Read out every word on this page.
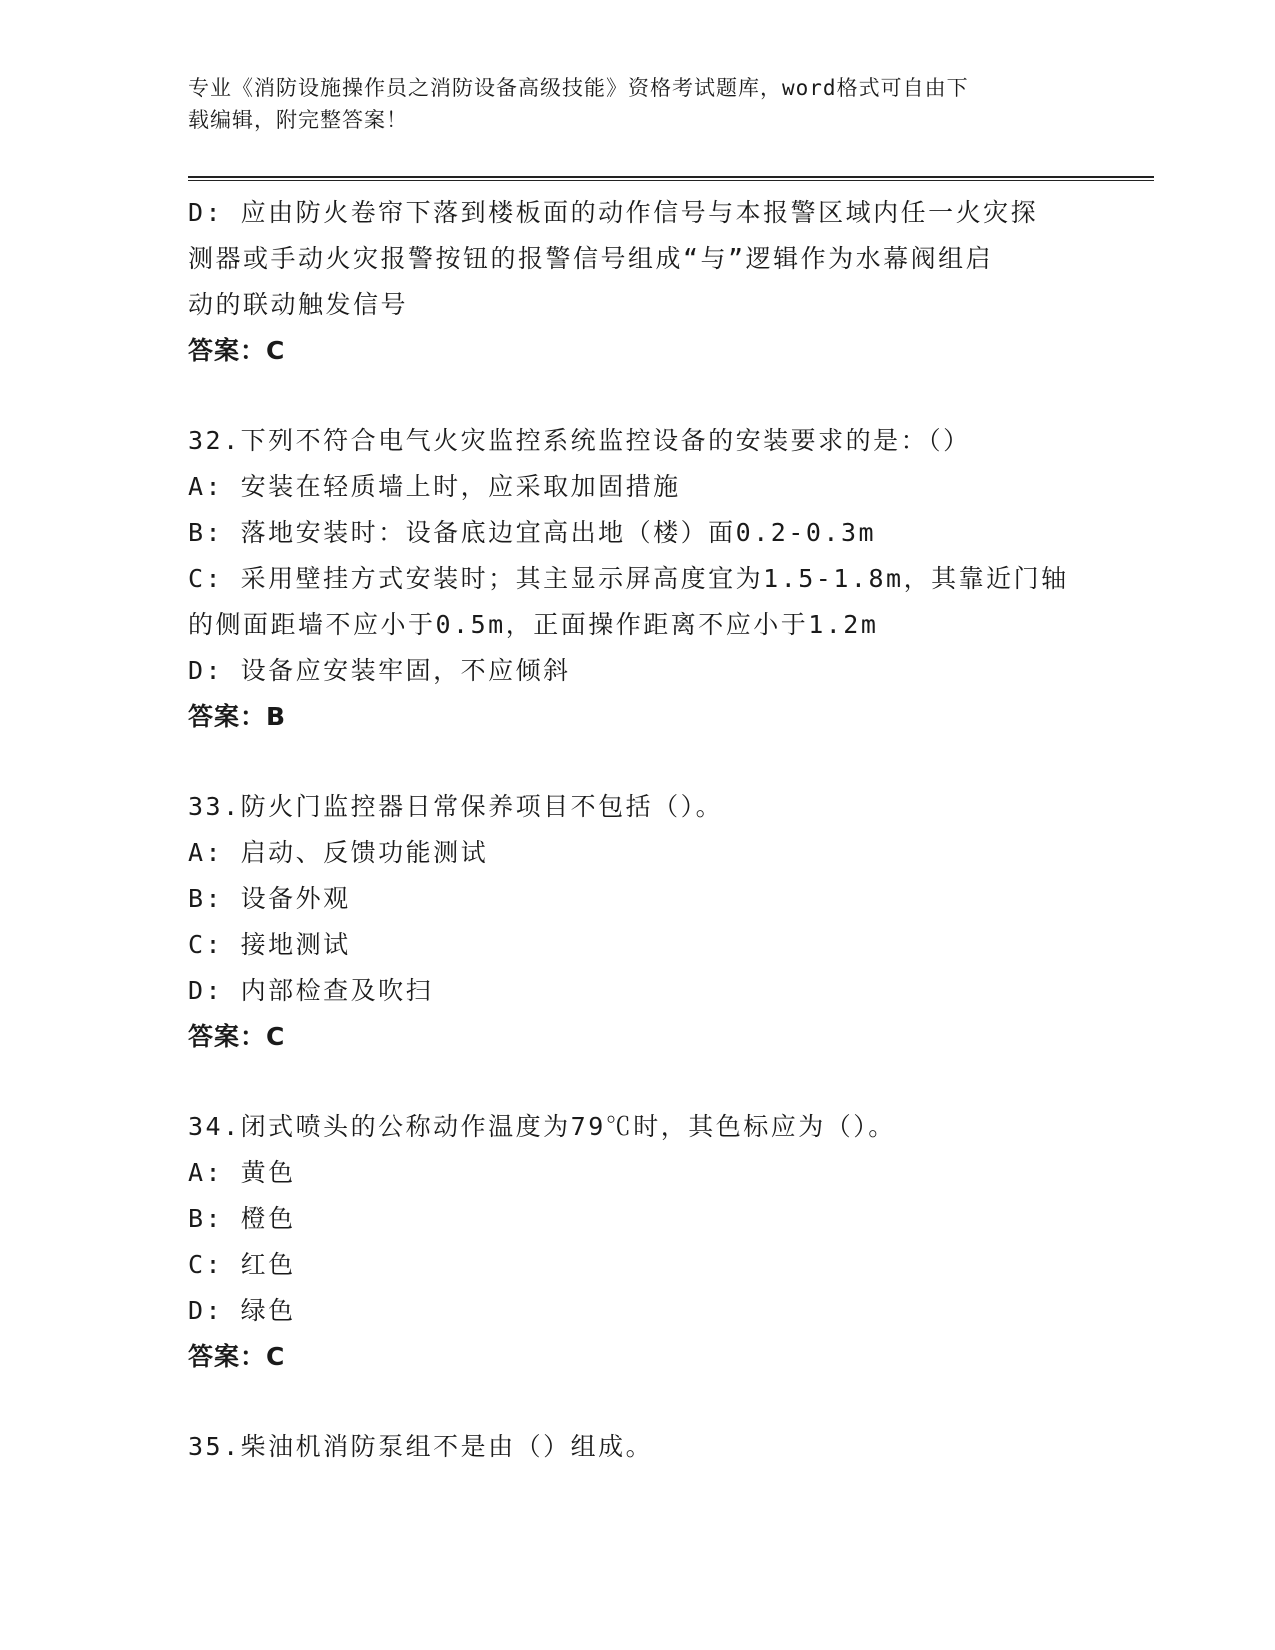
专业《消防设施操作员之消防设备高级技能》资格考试题库，word格式可自由下
载编辑，附完整答案！
D: 应由防火卷帘下落到楼板面的动作信号与本报警区域内任一火灾探
测器或手动火灾报警按钮的报警信号组成“与”逻辑作为水幕阀组启
动的联动触发信号
答案：C
32.下列不符合电气火灾监控系统监控设备的安装要求的是：（）
A: 安装在轻质墙上时，应采取加固措施
B: 落地安装时：设备底边宜高出地（楼）面0.2-0.3m
C: 采用壁挂方式安装时；其主显示屏高度宜为1.5-1.8m，其靠近门轴
的侧面距墙不应小于0.5m，正面操作距离不应小于1.2m
D: 设备应安装牢固，不应倾斜
答案：B
33.防火门监控器日常保养项目不包括（）。
A: 启动、反馈功能测试
B: 设备外观
C: 接地测试
D: 内部检查及吹扫
答案：C
34.闭式喷头的公称动作温度为79℃时，其色标应为（）。
A: 黄色
B: 橙色
C: 红色
D: 绿色
答案：C
35.柴油机消防泵组不是由（）组成。
